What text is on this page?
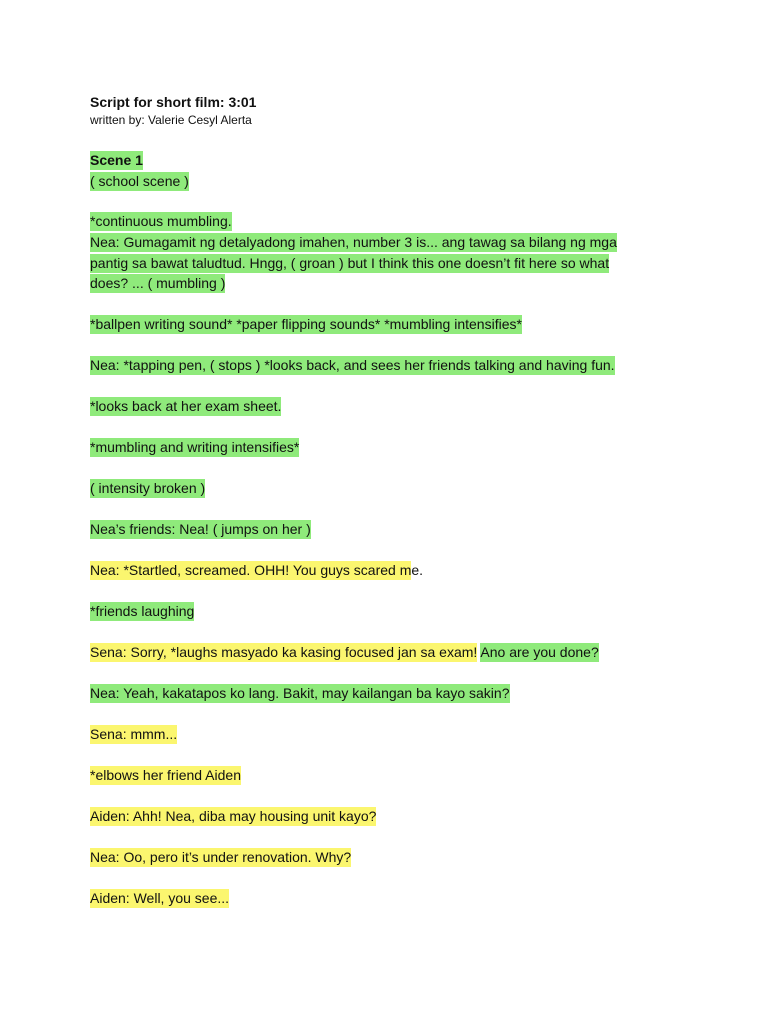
Script for short film: 3:01
written by: Valerie Cesyl Alerta
Scene 1
( school scene )
*continuous mumbling.
Nea: Gumagamit ng detalyadong imahen, number 3 is... ang tawag sa bilang ng mga
pantig sa bawat taludtud. Hngg, ( groan ) but I think this one doesn’t fit here so what
does? ... ( mumbling )
*ballpen writing sound* *paper flipping sounds* *mumbling intensifies*
Nea: *tapping pen, ( stops ) *looks back, and sees her friends talking and having fun.
*looks back at her exam sheet.
*mumbling and writing intensifies*
( intensity broken )
Nea’s friends: Nea! ( jumps on her )
Nea: *Startled, screamed. OHH! You guys scared me.
*friends laughing
Sena: Sorry, *laughs masyado ka kasing focused jan sa exam! Ano are you done?
Nea: Yeah, kakatapos ko lang. Bakit, may kailangan ba kayo sakin?
Sena: mmm...
*elbows her friend Aiden
Aiden: Ahh! Nea, diba may housing unit kayo?
Nea: Oo, pero it’s under renovation. Why?
Aiden: Well, you see...
